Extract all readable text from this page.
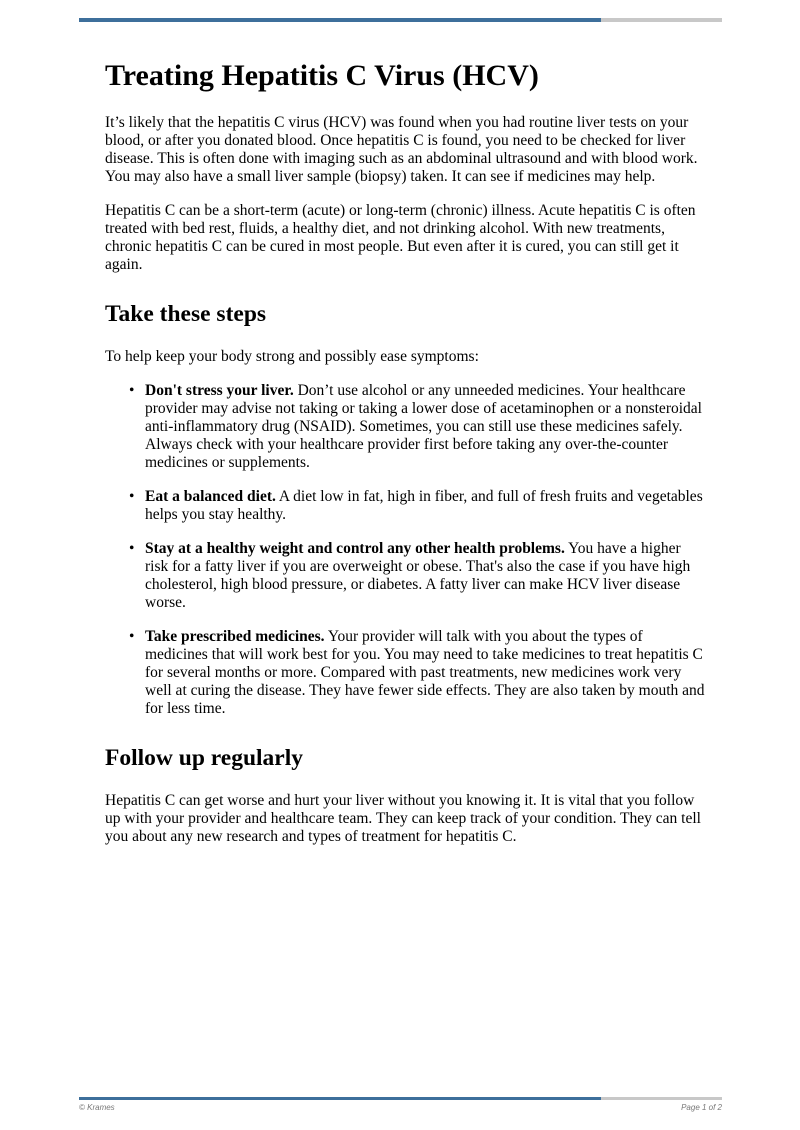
Treating Hepatitis C Virus (HCV)

It’s likely that the hepatitis C virus (HCV) was found when you had routine liver tests on your blood, or after you donated blood. Once hepatitis C is found, you need to be checked for liver disease. This is often done with imaging such as an abdominal ultrasound and with blood work. You may also have a small liver sample (biopsy) taken. It can see if medicines may help.

Hepatitis C can be a short-term (acute) or long-term (chronic) illness. Acute hepatitis C is often treated with bed rest, fluids, a healthy diet, and not drinking alcohol. With new treatments, chronic hepatitis C can be cured in most people. But even after it is cured, you can still get it again.

Take these steps

To help keep your body strong and possibly ease symptoms:

• Don't stress your liver. Don’t use alcohol or any unneeded medicines. Your healthcare provider may advise not taking or taking a lower dose of acetaminophen or a nonsteroidal anti-inflammatory drug (NSAID). Sometimes, you can still use these medicines safely. Always check with your healthcare provider first before taking any over-the-counter medicines or supplements.
• Eat a balanced diet. A diet low in fat, high in fiber, and full of fresh fruits and vegetables helps you stay healthy.
• Stay at a healthy weight and control any other health problems. You have a higher risk for a fatty liver if you are overweight or obese. That's also the case if you have high cholesterol, high blood pressure, or diabetes. A fatty liver can make HCV liver disease worse.
• Take prescribed medicines. Your provider will talk with you about the types of medicines that will work best for you. You may need to take medicines to treat hepatitis C for several months or more. Compared with past treatments, new medicines work very well at curing the disease. They have fewer side effects. They are also taken by mouth and for less time.
Follow up regularly

Hepatitis C can get worse and hurt your liver without you knowing it. It is vital that you follow up with your provider and healthcare team. They can keep track of your condition. They can tell you about any new research and types of treatment for hepatitis C.

© Krames	Page 1 of 2
